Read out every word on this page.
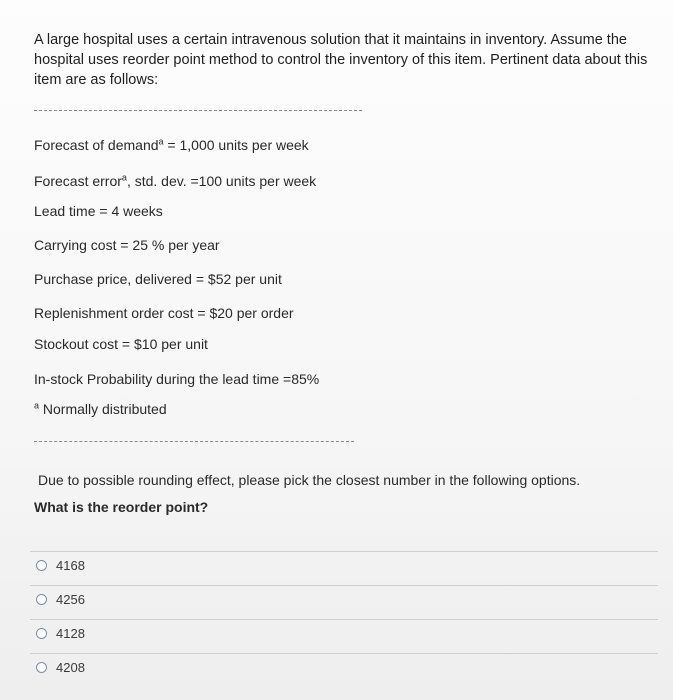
A large hospital uses a certain intravenous solution that it maintains in inventory. Assume the hospital uses reorder point method to control the inventory of this item. Pertinent data about this item are as follows:
Forecast of demand$^a$ = 1,000 units per week
Forecast error$^a$, std. dev. =100 units per week
Lead time = 4 weeks
Carrying cost = 25 % per year
Purchase price, delivered = $52 per unit
Replenishment order cost = $20 per order
Stockout cost = $10 per unit
In-stock Probability during the lead time =85%
$^a$ Normally distributed
Due to possible rounding effect, please pick the closest number in the following options.
What is the reorder point?
4168
4256
4128
4208
